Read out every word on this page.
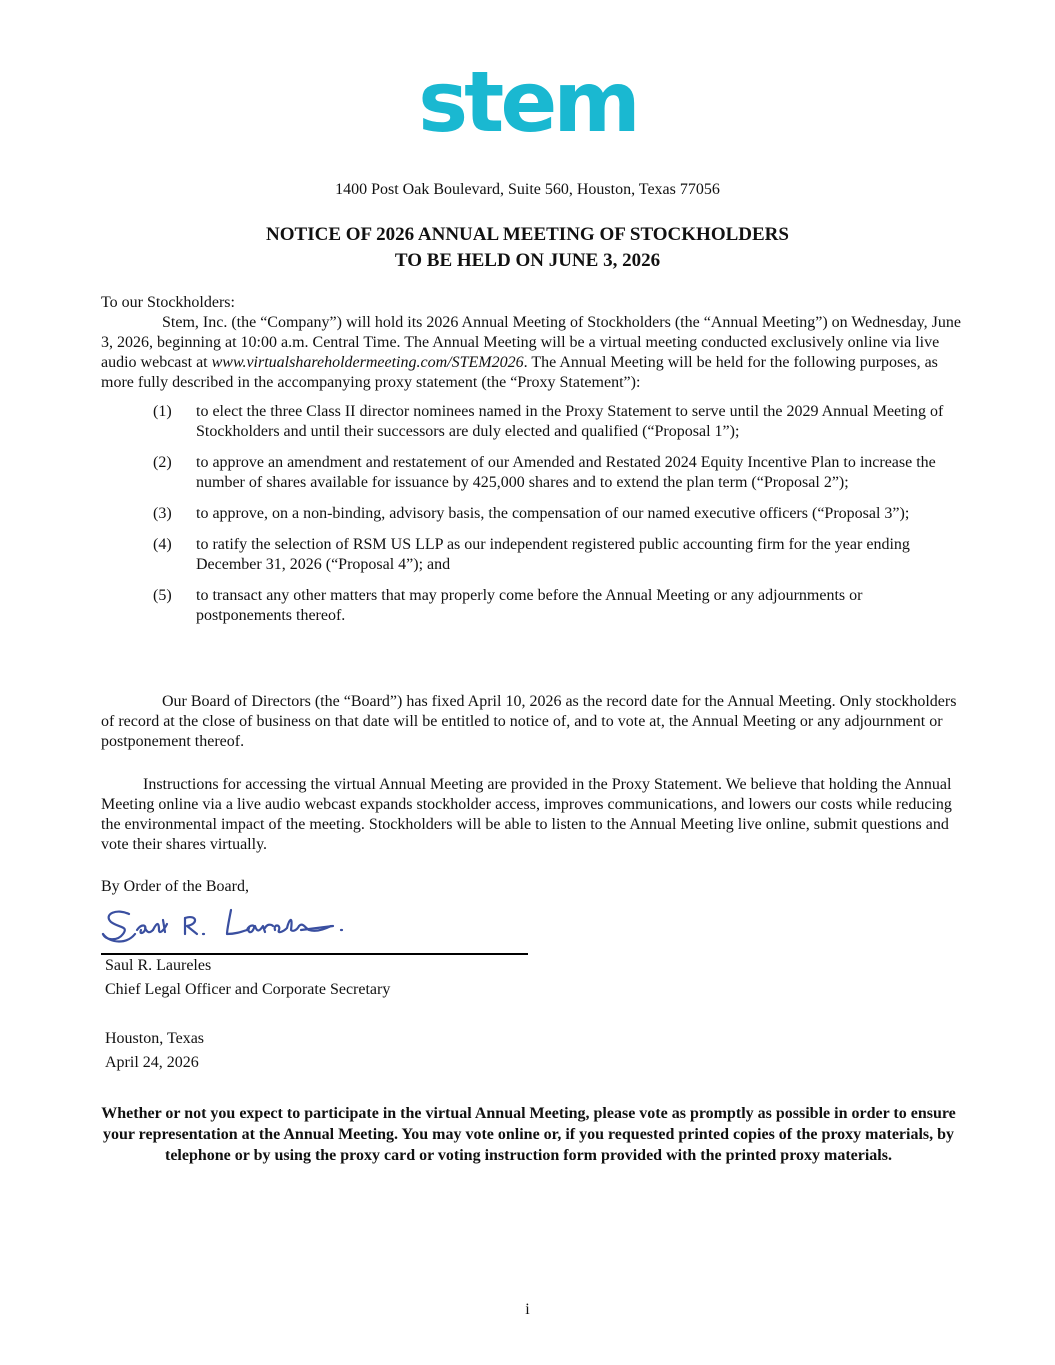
stem
1400 Post Oak Boulevard, Suite 560, Houston, Texas 77056
NOTICE OF 2026 ANNUAL MEETING OF STOCKHOLDERS
TO BE HELD ON JUNE 3, 2026
To our Stockholders:
Stem, Inc. (the “Company”) will hold its 2026 Annual Meeting of Stockholders (the “Annual Meeting”) on Wednesday, June 3, 2026, beginning at 10:00 a.m. Central Time. The Annual Meeting will be a virtual meeting conducted exclusively online via live audio webcast at www.virtualshareholdermeeting.com/STEM2026. The Annual Meeting will be held for the following purposes, as more fully described in the accompanying proxy statement (the “Proxy Statement”):
(1) to elect the three Class II director nominees named in the Proxy Statement to serve until the 2029 Annual Meeting of Stockholders and until their successors are duly elected and qualified (“Proposal 1”);
(2) to approve an amendment and restatement of our Amended and Restated 2024 Equity Incentive Plan to increase the number of shares available for issuance by 425,000 shares and to extend the plan term (“Proposal 2”);
(3) to approve, on a non-binding, advisory basis, the compensation of our named executive officers (“Proposal 3”);
(4) to ratify the selection of RSM US LLP as our independent registered public accounting firm for the year ending December 31, 2026 (“Proposal 4”); and
(5) to transact any other matters that may properly come before the Annual Meeting or any adjournments or postponements thereof.
Our Board of Directors (the “Board”) has fixed April 10, 2026 as the record date for the Annual Meeting. Only stockholders of record at the close of business on that date will be entitled to notice of, and to vote at, the Annual Meeting or any adjournment or postponement thereof.
Instructions for accessing the virtual Annual Meeting are provided in the Proxy Statement. We believe that holding the Annual Meeting online via a live audio webcast expands stockholder access, improves communications, and lowers our costs while reducing the environmental impact of the meeting. Stockholders will be able to listen to the Annual Meeting live online, submit questions and vote their shares virtually.
By Order of the Board,
Saul R. Laureles
Chief Legal Officer and Corporate Secretary
Houston, Texas
April 24, 2026
Whether or not you expect to participate in the virtual Annual Meeting, please vote as promptly as possible in order to ensure your representation at the Annual Meeting. You may vote online or, if you requested printed copies of the proxy materials, by telephone or by using the proxy card or voting instruction form provided with the printed proxy materials.
i
